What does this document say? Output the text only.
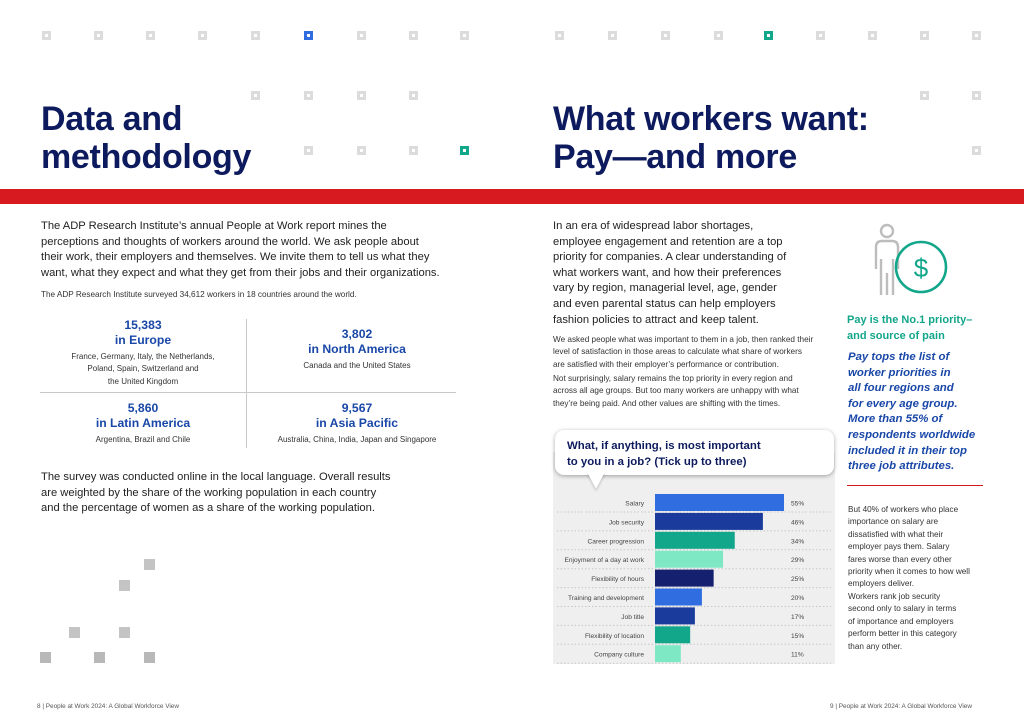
Data and
methodology
The ADP Research Institute’s annual People at Work report mines the
perceptions and thoughts of workers around the world. We ask people about
their work, their employers and themselves. We invite them to tell us what they
want, what they expect and what they get from their jobs and their organizations.
The ADP Research Institute surveyed 34,612 workers in 18 countries around the world.
15,383
in Europe
France, Germany, Italy, the Netherlands,
Poland, Spain, Switzerland and
the United Kingdom
3,802
in North America
Canada and the United States
5,860
in Latin America
Argentina, Brazil and Chile
9,567
in Asia Pacific
Australia, China, India, Japan and Singapore
The survey was conducted online in the local language. Overall results
are weighted by the share of the working population in each country
and the percentage of women as a share of the working population.
8 | People at Work 2024: A Global Workforce View
What workers want:
Pay—and more
In an era of widespread labor shortages,
employee engagement and retention are a top
priority for companies. A clear understanding of
what workers want, and how their preferences
vary by region, managerial level, age, gender
and even parental status can help employers
fashion policies to attract and keep talent.
We asked people what was important to them in a job, then ranked their
level of satisfaction in those areas to calculate what share of workers
are satisfied with their employer’s performance or contribution.
Not surprisingly, salary remains the top priority in every region and
across all age groups. But too many workers are unhappy with what
they’re being paid. And other values are shifting with the times.
Salary	55%
Job security	46%
Career progression	34%
Enjoyment of a day at work	29%
Flexibility of hours	25%
Training and development	20%
Job title	17%
Flexibility of location	15%
Company culture	11%
What, if anything, is most important
to you in a job? (Tick up to three)
$
Pay is the No.1 priority–
and source of pain
Pay tops the list of
worker priorities in
all four regions and
for every age group.
More than 55% of
respondents worldwide
included it in their top
three job attributes.
But 40% of workers who place
importance on salary are
dissatisfied with what their
employer pays them. Salary
fares worse than every other
priority when it comes to how well
employers deliver.
Workers rank job security
second only to salary in terms
of importance and employers
perform better in this category
than any other.
9 | People at Work 2024: A Global Workforce View
